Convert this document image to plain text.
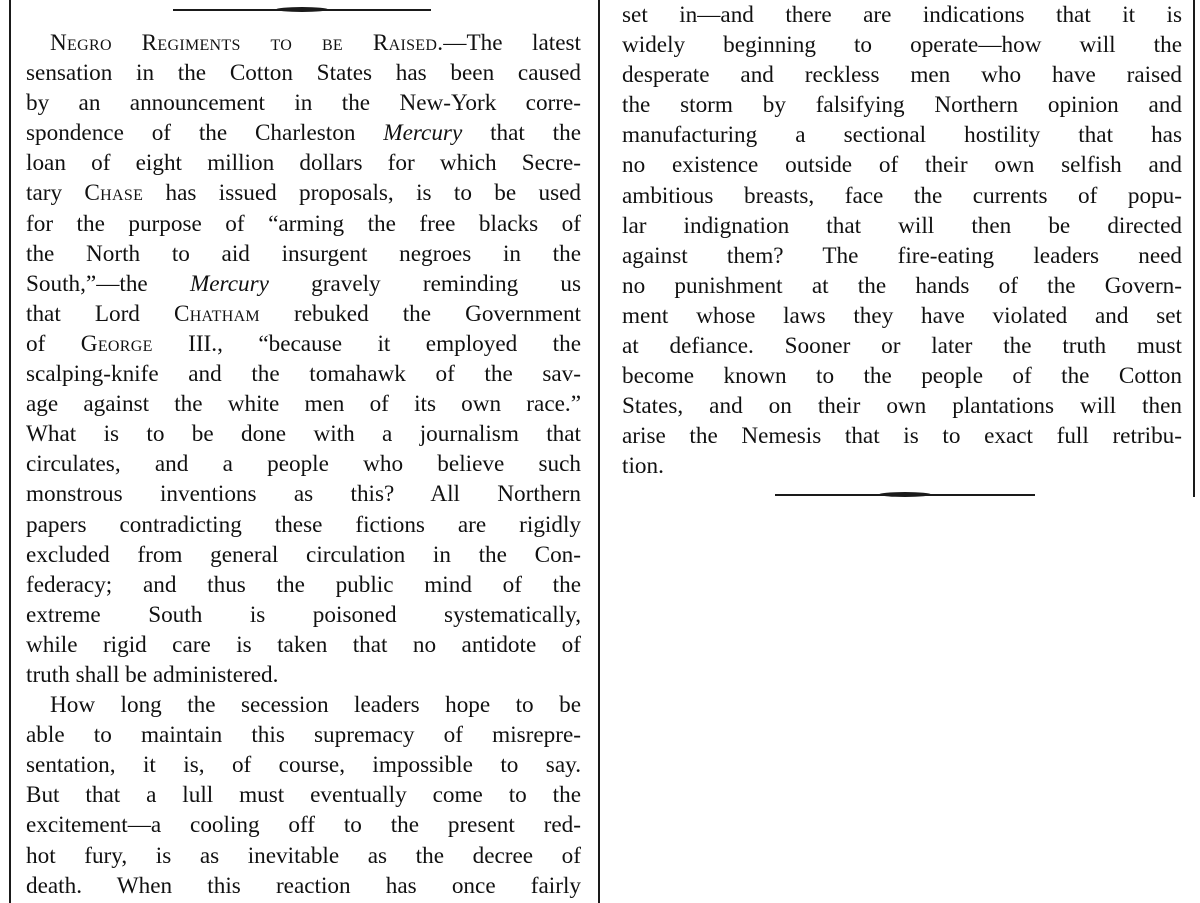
Negro Regiments to be Raised.—The latest
sensation in the Cotton States has been caused
by an announcement in the New-York corre-
spondence of the Charleston Mercury that the
loan of eight million dollars for which Secre-
tary Chase has issued proposals, is to be used
for the purpose of “arming the free blacks of
the North to aid insurgent negroes in the
South,”—the Mercury gravely reminding us
that Lord Chatham rebuked the Government
of George III., “because it employed the
scalping-knife and the tomahawk of the sav-
age against the white men of its own race.”
What is to be done with a journalism that
circulates, and a people who believe such
monstrous inventions as this? All Northern
papers contradicting these fictions are rigidly
excluded from general circulation in the Con-
federacy; and thus the public mind of the
extreme South is poisoned systematically,
while rigid care is taken that no antidote of
truth shall be administered.

How long the secession leaders hope to be
able to maintain this supremacy of misrepre-
sentation, it is, of course, impossible to say.
But that a lull must eventually come to the
excitement—a cooling off to the present red-
hot fury, is as inevitable as the decree of
death. When this reaction has once fairly

set in—and there are indications that it is
widely beginning to operate—how will the
desperate and reckless men who have raised
the storm by falsifying Northern opinion and
manufacturing a sectional hostility that has
no existence outside of their own selfish and
ambitious breasts, face the currents of popu-
lar indignation that will then be directed
against them? The fire-eating leaders need
no punishment at the hands of the Govern-
ment whose laws they have violated and set
at defiance. Sooner or later the truth must
become known to the people of the Cotton
States, and on their own plantations will then
arise the Nemesis that is to exact full retribu-
tion.
